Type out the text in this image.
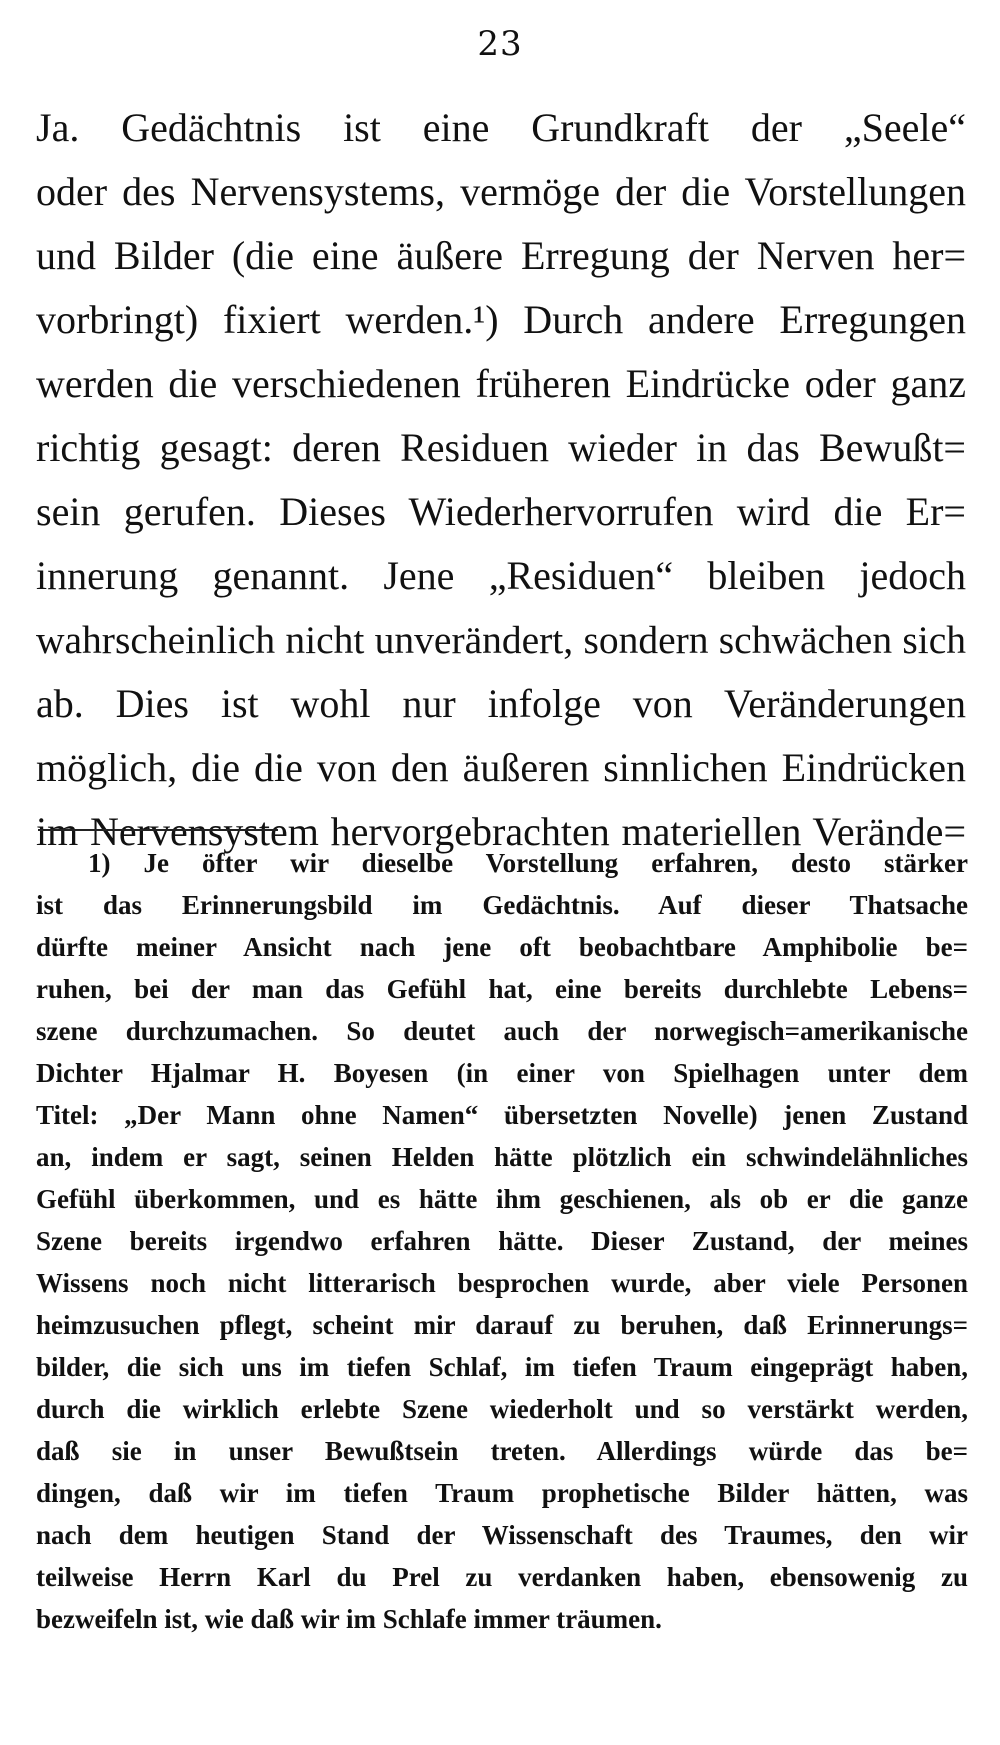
23
Ja. Gedächtnis ist eine Grundkraft der „Seele“
oder des Nervensystems, vermöge der die Vorstellungen
und Bilder (die eine äußere Erregung der Nerven her=
vorbringt) fixiert werden.¹) Durch andere Erregungen
werden die verschiedenen früheren Eindrücke oder ganz
richtig gesagt: deren Residuen wieder in das Bewußt=
sein gerufen. Dieses Wiederhervorrufen wird die Er=
innerung genannt. Jene „Residuen“ bleiben jedoch
wahrscheinlich nicht unverändert, sondern schwächen sich
ab. Dies ist wohl nur infolge von Veränderungen
möglich, die die von den äußeren sinnlichen Eindrücken
im Nervensystem hervorgebrachten materiellen Verände=
1) Je öfter wir dieselbe Vorstellung erfahren, desto stärker
ist das Erinnerungsbild im Gedächtnis. Auf dieser Thatsache
dürfte meiner Ansicht nach jene oft beobachtbare Amphibolie be=
ruhen, bei der man das Gefühl hat, eine bereits durchlebte Lebens=
szene durchzumachen. So deutet auch der norwegisch=amerikanische
Dichter Hjalmar H. Boyesen (in einer von Spielhagen unter dem
Titel: „Der Mann ohne Namen“ übersetzten Novelle) jenen Zustand
an, indem er sagt, seinen Helden hätte plötzlich ein schwindelähnliches
Gefühl überkommen, und es hätte ihm geschienen, als ob er die ganze
Szene bereits irgendwo erfahren hätte. Dieser Zustand, der meines
Wissens noch nicht litterarisch besprochen wurde, aber viele Personen
heimzusuchen pflegt, scheint mir darauf zu beruhen, daß Erinnerungs=
bilder, die sich uns im tiefen Schlaf, im tiefen Traum eingeprägt haben,
durch die wirklich erlebte Szene wiederholt und so verstärkt werden,
daß sie in unser Bewußtsein treten. Allerdings würde das be=
dingen, daß wir im tiefen Traum prophetische Bilder hätten, was
nach dem heutigen Stand der Wissenschaft des Traumes, den wir
teilweise Herrn Karl du Prel zu verdanken haben, ebensowenig zu
bezweifeln ist, wie daß wir im Schlafe immer träumen.
